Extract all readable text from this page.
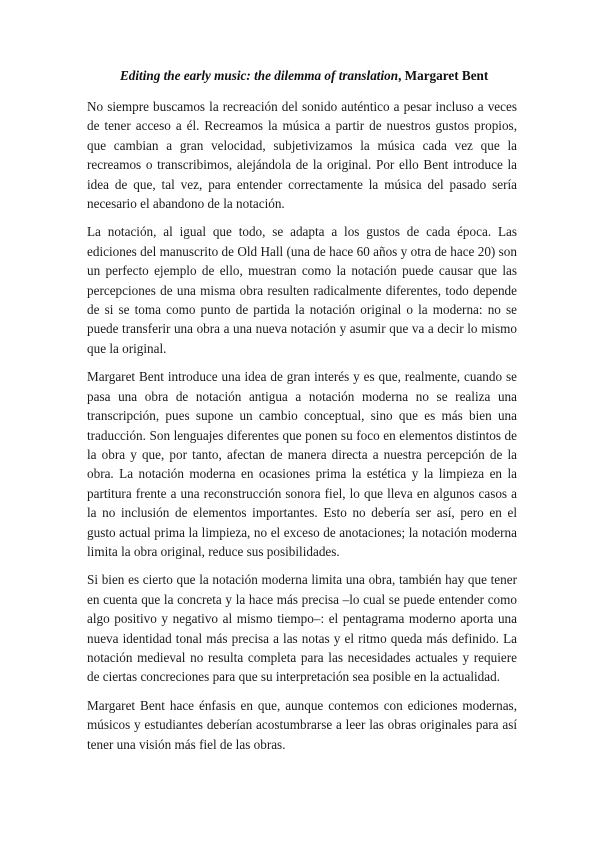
Editing the early music: the dilemma of translation, Margaret Bent

No siempre buscamos la recreación del sonido auténtico a pesar incluso a veces de tener acceso a él. Recreamos la música a partir de nuestros gustos propios, que cambian a gran velocidad, subjetivizamos la música cada vez que la recreamos o transcribimos, alejándola de la original. Por ello Bent introduce la idea de que, tal vez, para entender correctamente la música del pasado sería necesario el abandono de la notación.

La notación, al igual que todo, se adapta a los gustos de cada época. Las ediciones del manuscrito de Old Hall (una de hace 60 años y otra de hace 20) son un perfecto ejemplo de ello, muestran como la notación puede causar que las percepciones de una misma obra resulten radicalmente diferentes, todo depende de si se toma como punto de partida la notación original o la moderna: no se puede transferir una obra a una nueva notación y asumir que va a decir lo mismo que la original.

Margaret Bent introduce una idea de gran interés y es que, realmente, cuando se pasa una obra de notación antigua a notación moderna no se realiza una transcripción, pues supone un cambio conceptual, sino que es más bien una traducción. Son lenguajes diferentes que ponen su foco en elementos distintos de la obra y que, por tanto, afectan de manera directa a nuestra percepción de la obra. La notación moderna en ocasiones prima la estética y la limpieza en la partitura frente a una reconstrucción sonora fiel, lo que lleva en algunos casos a la no inclusión de elementos importantes. Esto no debería ser así, pero en el gusto actual prima la limpieza, no el exceso de anotaciones; la notación moderna limita la obra original, reduce sus posibilidades.

Si bien es cierto que la notación moderna limita una obra, también hay que tener en cuenta que la concreta y la hace más precisa –lo cual se puede entender como algo positivo y negativo al mismo tiempo–: el pentagrama moderno aporta una nueva identidad tonal más precisa a las notas y el ritmo queda más definido. La notación medieval no resulta completa para las necesidades actuales y requiere de ciertas concreciones para que su interpretación sea posible en la actualidad.

Margaret Bent hace énfasis en que, aunque contemos con ediciones modernas, músicos y estudiantes deberían acostumbrarse a leer las obras originales para así tener una visión más fiel de las obras.
